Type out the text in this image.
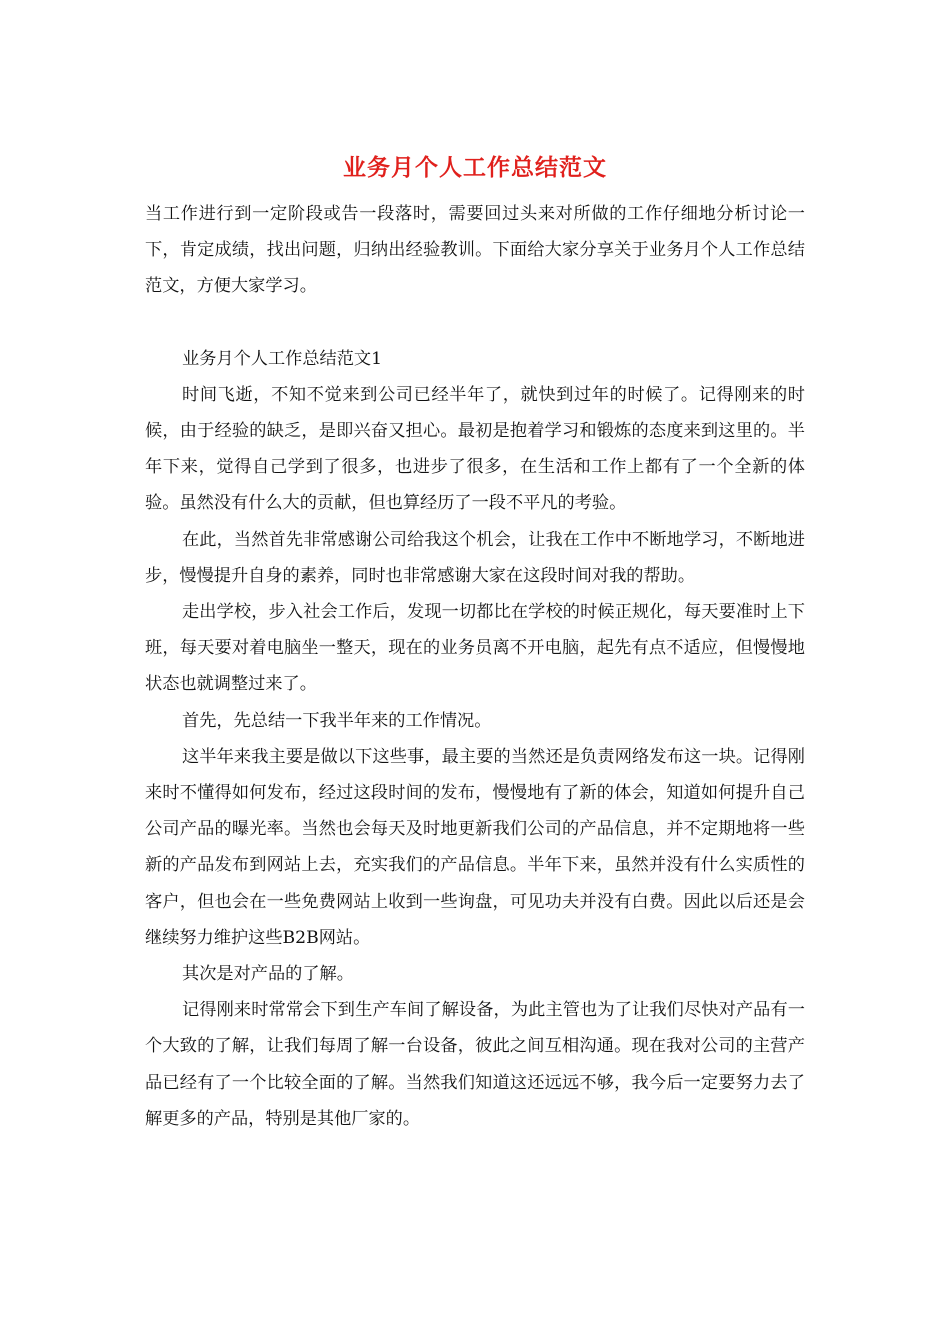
业务月个人工作总结范文

当工作进行到一定阶段或告一段落时，需要回过头来对所做的工作仔细地分析讨论一下，肯定成绩，找出问题，归纳出经验教训。下面给大家分享关于业务月个人工作总结范文，方便大家学习。

业务月个人工作总结范文1

时间飞逝，不知不觉来到公司已经半年了，就快到过年的时候了。记得刚来的时候，由于经验的缺乏，是即兴奋又担心。最初是抱着学习和锻炼的态度来到这里的。半年下来，觉得自己学到了很多，也进步了很多，在生活和工作上都有了一个全新的体验。虽然没有什么大的贡献，但也算经历了一段不平凡的考验。

在此，当然首先非常感谢公司给我这个机会，让我在工作中不断地学习，不断地进步，慢慢提升自身的素养，同时也非常感谢大家在这段时间对我的帮助。

走出学校，步入社会工作后，发现一切都比在学校的时候正规化，每天要准时上下班，每天要对着电脑坐一整天，现在的业务员离不开电脑，起先有点不适应，但慢慢地状态也就调整过来了。

首先，先总结一下我半年来的工作情况。

这半年来我主要是做以下这些事，最主要的当然还是负责网络发布这一块。记得刚来时不懂得如何发布，经过这段时间的发布，慢慢地有了新的体会，知道如何提升自己公司产品的曝光率。当然也会每天及时地更新我们公司的产品信息，并不定期地将一些新的产品发布到网站上去，充实我们的产品信息。半年下来，虽然并没有什么实质性的客户，但也会在一些免费网站上收到一些询盘，可见功夫并没有白费。因此以后还是会继续努力维护这些B2B网站。

其次是对产品的了解。

记得刚来时常常会下到生产车间了解设备，为此主管也为了让我们尽快对产品有一个大致的了解，让我们每周了解一台设备，彼此之间互相沟通。现在我对公司的主营产品已经有了一个比较全面的了解。当然我们知道这还远远不够，我今后一定要努力去了解更多的产品，特别是其他厂家的。
